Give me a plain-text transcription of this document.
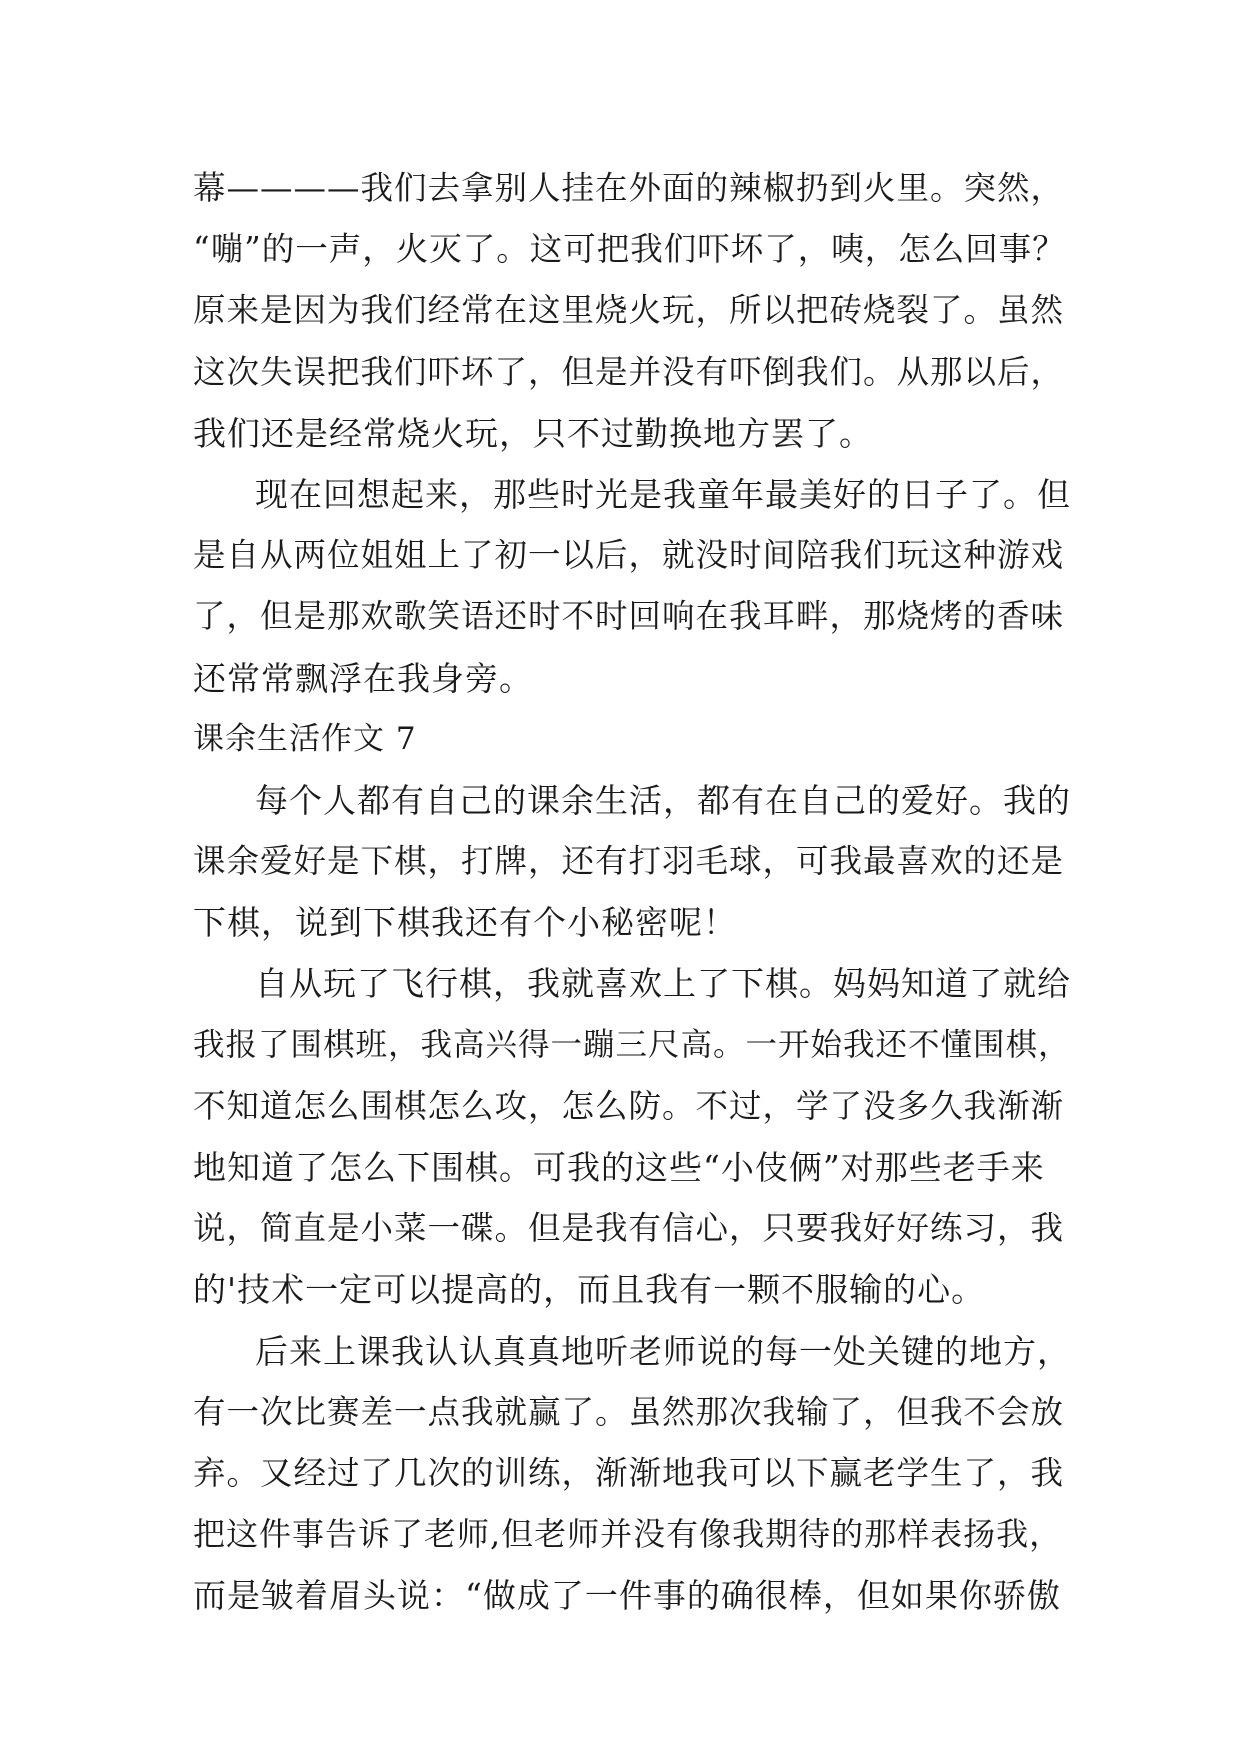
幕————我们去拿别人挂在外面的辣椒扔到火里。突然，
“嘣”的一声，火灭了。这可把我们吓坏了，咦，怎么回事？
原来是因为我们经常在这里烧火玩，所以把砖烧裂了。虽然
这次失误把我们吓坏了，但是并没有吓倒我们。从那以后，
我们还是经常烧火玩，只不过勤换地方罢了。
现在回想起来，那些时光是我童年最美好的日子了。但
是自从两位姐姐上了初一以后，就没时间陪我们玩这种游戏
了，但是那欢歌笑语还时不时回响在我耳畔，那烧烤的香味
还常常飘浮在我身旁。
课余生活作文 7
每个人都有自己的课余生活，都有在自己的爱好。我的
课余爱好是下棋，打牌，还有打羽毛球，可我最喜欢的还是
下棋，说到下棋我还有个小秘密呢！
自从玩了飞行棋，我就喜欢上了下棋。妈妈知道了就给
我报了围棋班，我高兴得一蹦三尺高。一开始我还不懂围棋，
不知道怎么围棋怎么攻，怎么防。不过，学了没多久我渐渐
地知道了怎么下围棋。可我的这些“小伎俩”对那些老手来
说，简直是小菜一碟。但是我有信心，只要我好好练习，我
的'技术一定可以提高的，而且我有一颗不服输的心。
后来上课我认认真真地听老师说的每一处关键的地方，
有一次比赛差一点我就赢了。虽然那次我输了，但我不会放
弃。又经过了几次的训练，渐渐地我可以下赢老学生了，我
把这件事告诉了老师,但老师并没有像我期待的那样表扬我，
而是皱着眉头说：“做成了一件事的确很棒，但如果你骄傲
